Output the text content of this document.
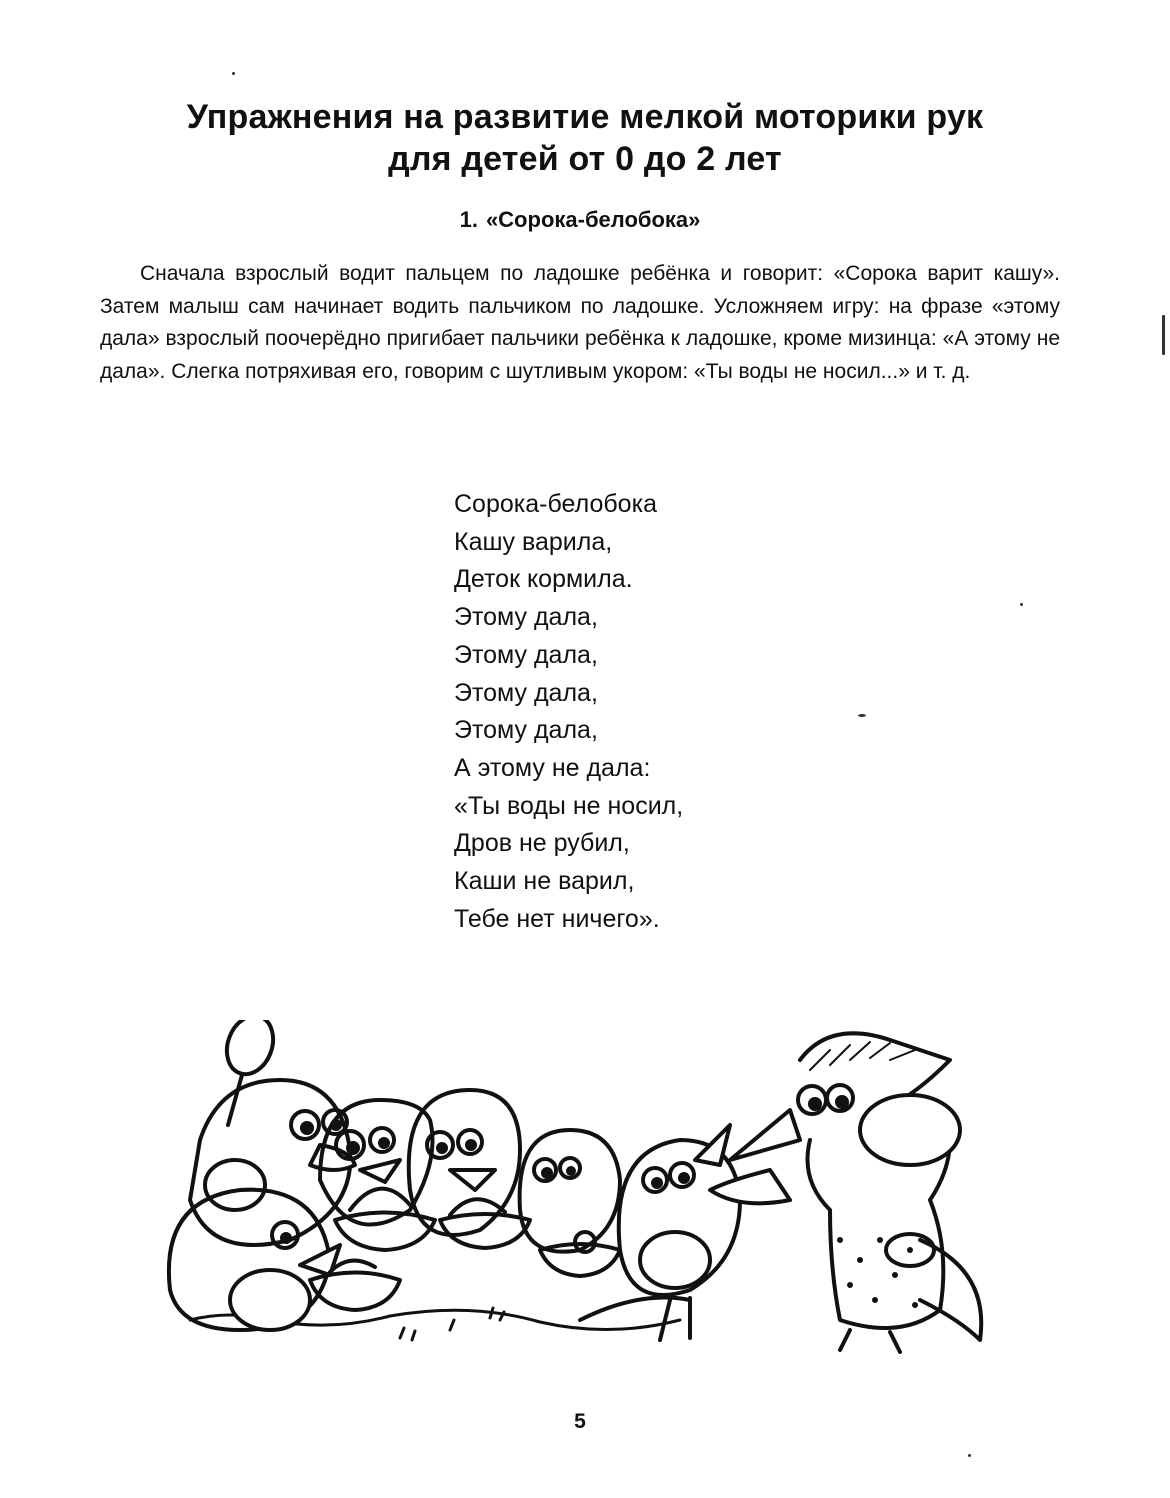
Упражнения на развитие мелкой моторики рук
для детей от 0 до 2 лет
1. «Сорока-белобока»
Сначала взрослый водит пальцем по ладошке ребёнка и говорит: «Сорока варит кашу». Затем малыш сам начинает водить пальчиком по ладошке. Усложняем игру: на фразе «этому дала» взрослый поочерёдно пригибает пальчики ребёнка к ладошке, кроме мизинца: «А этому не дала». Слегка потряхивая его, говорим с шутливым укором: «Ты воды не носил...» и т. д.
Сорока-белобока
Кашу варила,
Деток кормила.
Этому дала,
Этому дала,
Этому дала,
Этому дала,
А этому не дала:
«Ты воды не носил,
Дров не рубил,
Каши не варил,
Тебе нет ничего».
5
